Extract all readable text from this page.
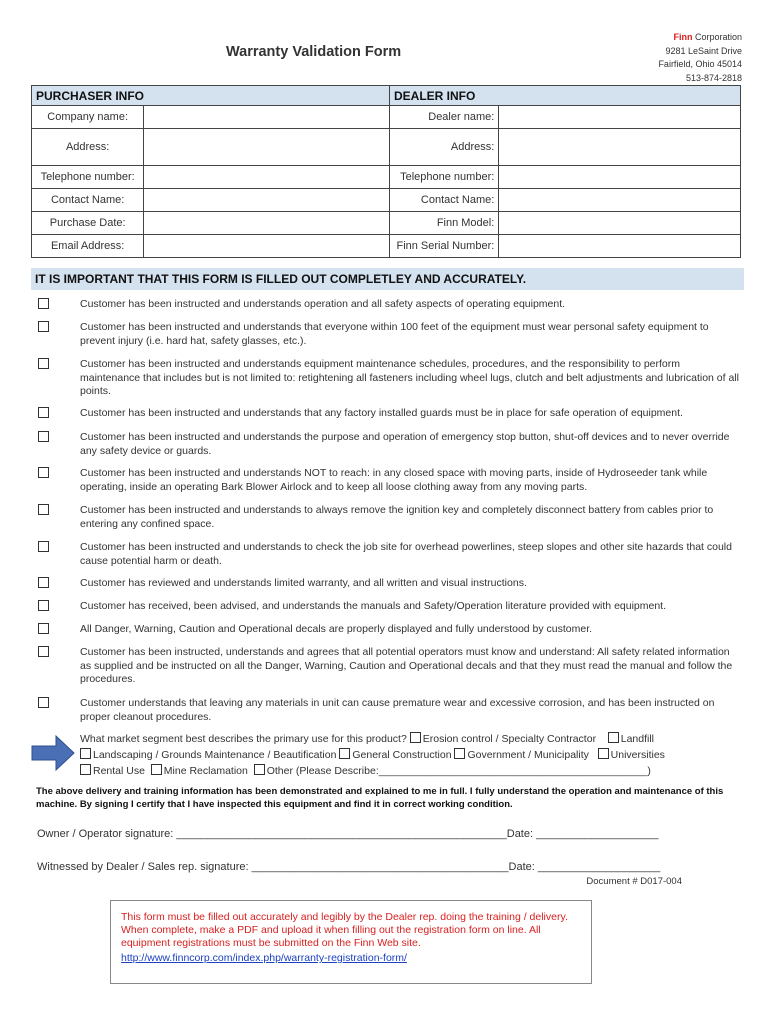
Warranty Validation Form
Finn Corporation
9281 LeSaint Drive
Fairfield, Ohio 45014
513-874-2818
PURCHASER INFO		DEALER INFO	
Company name:		Dealer name:	
Address:		Address:	
Telephone number:		Telephone number:	
Contact Name:		Contact Name:	
Purchase Date:		Finn Model:	
Email Address:		Finn Serial Number:	
IT IS IMPORTANT THAT THIS FORM IS FILLED OUT COMPLETLEY AND ACCURATELY.
Customer has been instructed and understands operation and all safety aspects of operating equipment.
Customer has been instructed and understands that everyone within 100 feet of the equipment must wear personal safety equipment to prevent injury (i.e. hard hat, safety glasses, etc.).
Customer has been instructed and understands equipment maintenance schedules, procedures, and the responsibility to perform maintenance that includes but is not limited to: retightening all fasteners including wheel lugs, clutch and belt adjustments and lubrication of all points.
Customer has been instructed and understands that any factory installed guards must be in place for safe operation of equipment.
Customer has been instructed and understands the purpose and operation of emergency stop button, shut-off devices and to never override any safety device or guards.
Customer has been instructed and understands NOT to reach: in any closed space with moving parts, inside of Hydroseeder tank while operating, inside an operating Bark Blower Airlock and to keep all loose clothing away from any moving parts.
Customer has been instructed and understands to always remove the ignition key and completely disconnect battery from cables prior to entering any confined space.
Customer has been instructed and understands to check the job site for overhead powerlines, steep slopes and other site hazards that could cause potential harm or death.
Customer has reviewed and understands limited warranty, and all written and visual instructions.
Customer has received, been advised, and understands the manuals and Safety/Operation literature provided with equipment.
All Danger, Warning, Caution and Operational decals are properly displayed and fully understood by customer.
Customer has been instructed, understands and agrees that all potential operators must know and understand: All safety related information as supplied and be instructed on all the Danger, Warning, Caution and Operational decals and that they must read the manual and follow the procedures.
Customer understands that leaving any materials in unit can cause premature wear and excessive corrosion, and has been instructed on proper cleanout procedures.
What market segment best describes the primary use for this product? Erosion control / Specialty Contractor Landfill
Landscaping / Grounds Maintenance / Beautification General Construction Government / Municipality Universities
Rental Use Mine Reclamation Other (Please Describe:______________________________________________)
The above delivery and training information has been demonstrated and explained to me in full. I fully understand the operation and maintenance of this machine. By signing I certify that I have inspected this equipment and find it in correct working condition.
Owner / Operator signature: ______________________________________________________Date: ____________________
Witnessed by Dealer / Sales rep. signature: __________________________________________Date: ____________________
Document # D017-004
This form must be filled out accurately and legibly by the Dealer rep. doing the training / delivery. When complete, make a PDF and upload it when filling out the registration form on line. All equipment registrations must be submitted on the Finn Web site.
http://www.finncorp.com/index.php/warranty-registration-form/
